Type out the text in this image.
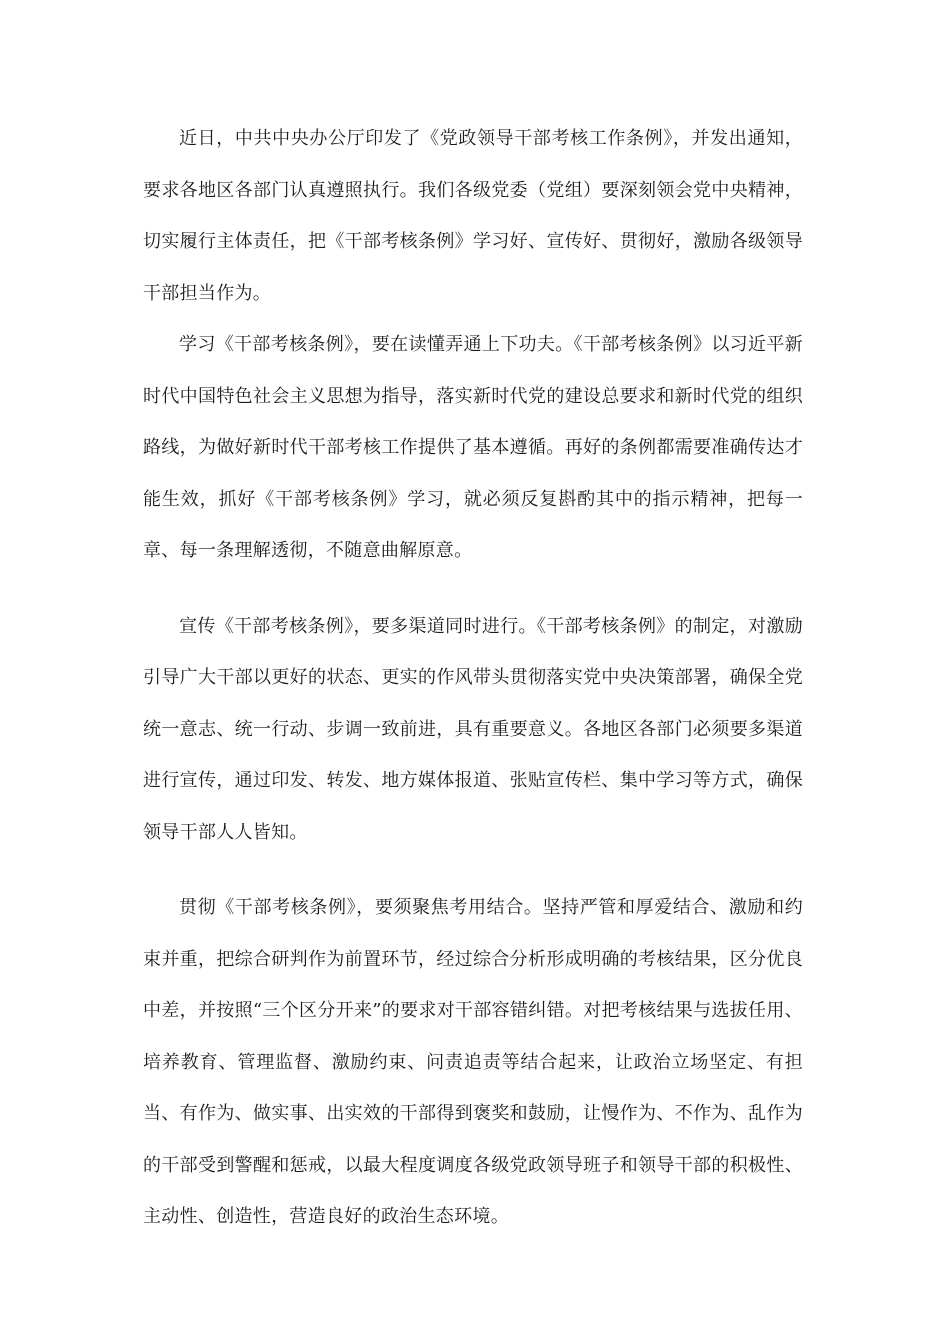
近日，中共中央办公厅印发了《党政领导干部考核工作条例》，并发出通知，要求各地区各部门认真遵照执行。我们各级党委（党组）要深刻领会党中央精神，切实履行主体责任，把《干部考核条例》学习好、宣传好、贯彻好，激励各级领导干部担当作为。

学习《干部考核条例》，要在读懂弄通上下功夫。《干部考核条例》以习近平新时代中国特色社会主义思想为指导，落实新时代党的建设总要求和新时代党的组织路线，为做好新时代干部考核工作提供了基本遵循。再好的条例都需要准确传达才能生效，抓好《干部考核条例》学习，就必须反复斟酌其中的指示精神，把每一章、每一条理解透彻，不随意曲解原意。

宣传《干部考核条例》，要多渠道同时进行。《干部考核条例》的制定，对激励引导广大干部以更好的状态、更实的作风带头贯彻落实党中央决策部署，确保全党统一意志、统一行动、步调一致前进，具有重要意义。各地区各部门必须要多渠道进行宣传，通过印发、转发、地方媒体报道、张贴宣传栏、集中学习等方式，确保领导干部人人皆知。

贯彻《干部考核条例》，要须聚焦考用结合。坚持严管和厚爱结合、激励和约束并重，把综合研判作为前置环节，经过综合分析形成明确的考核结果，区分优良中差，并按照“三个区分开来”的要求对干部容错纠错。对把考核结果与选拔任用、培养教育、管理监督、激励约束、问责追责等结合起来，让政治立场坚定、有担当、有作为、做实事、出实效的干部得到褒奖和鼓励，让慢作为、不作为、乱作为的干部受到警醒和惩戒，以最大程度调度各级党政领导班子和领导干部的积极性、主动性、创造性，营造良好的政治生态环境。
